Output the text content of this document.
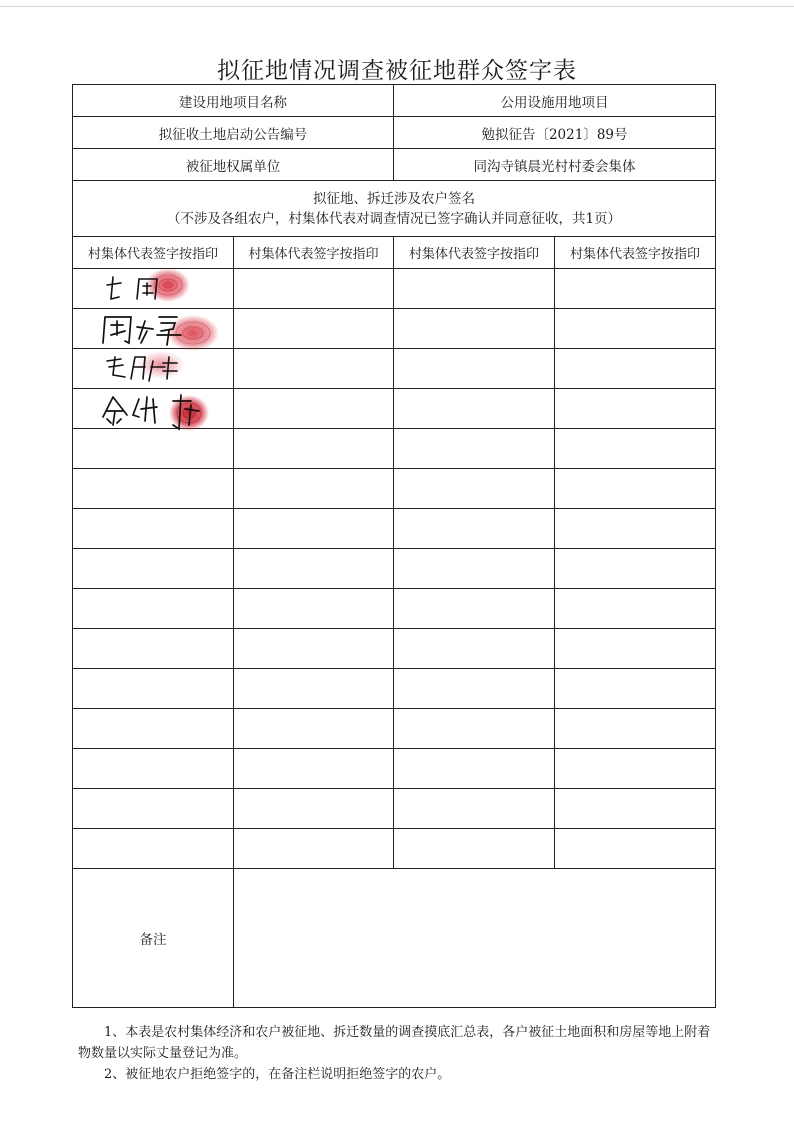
拟征地情况调查被征地群众签字表
建设用地项目名称		公用设施用地项目	
拟征收土地启动公告编号		勉拟征告〔2021〕89号	
被征地权属单位		同沟寺镇晨光村村委会集体	

拟征地、拆迁涉及农户签名
（不涉及各组农户，村集体代表对调查情况已签字确认并同意征收，共1页）			

村集体代表签字按指印	村集体代表签字按指印	村集体代表签字按指印	村集体代表签字按指印

备注			

1、本表是农村集体经济和农户被征地、拆迁数量的调查摸底汇总表，各户被征土地面积和房屋等地上附着物数量以实际丈量登记为准。

2、被征地农户拒绝签字的，在备注栏说明拒绝签字的农户。
